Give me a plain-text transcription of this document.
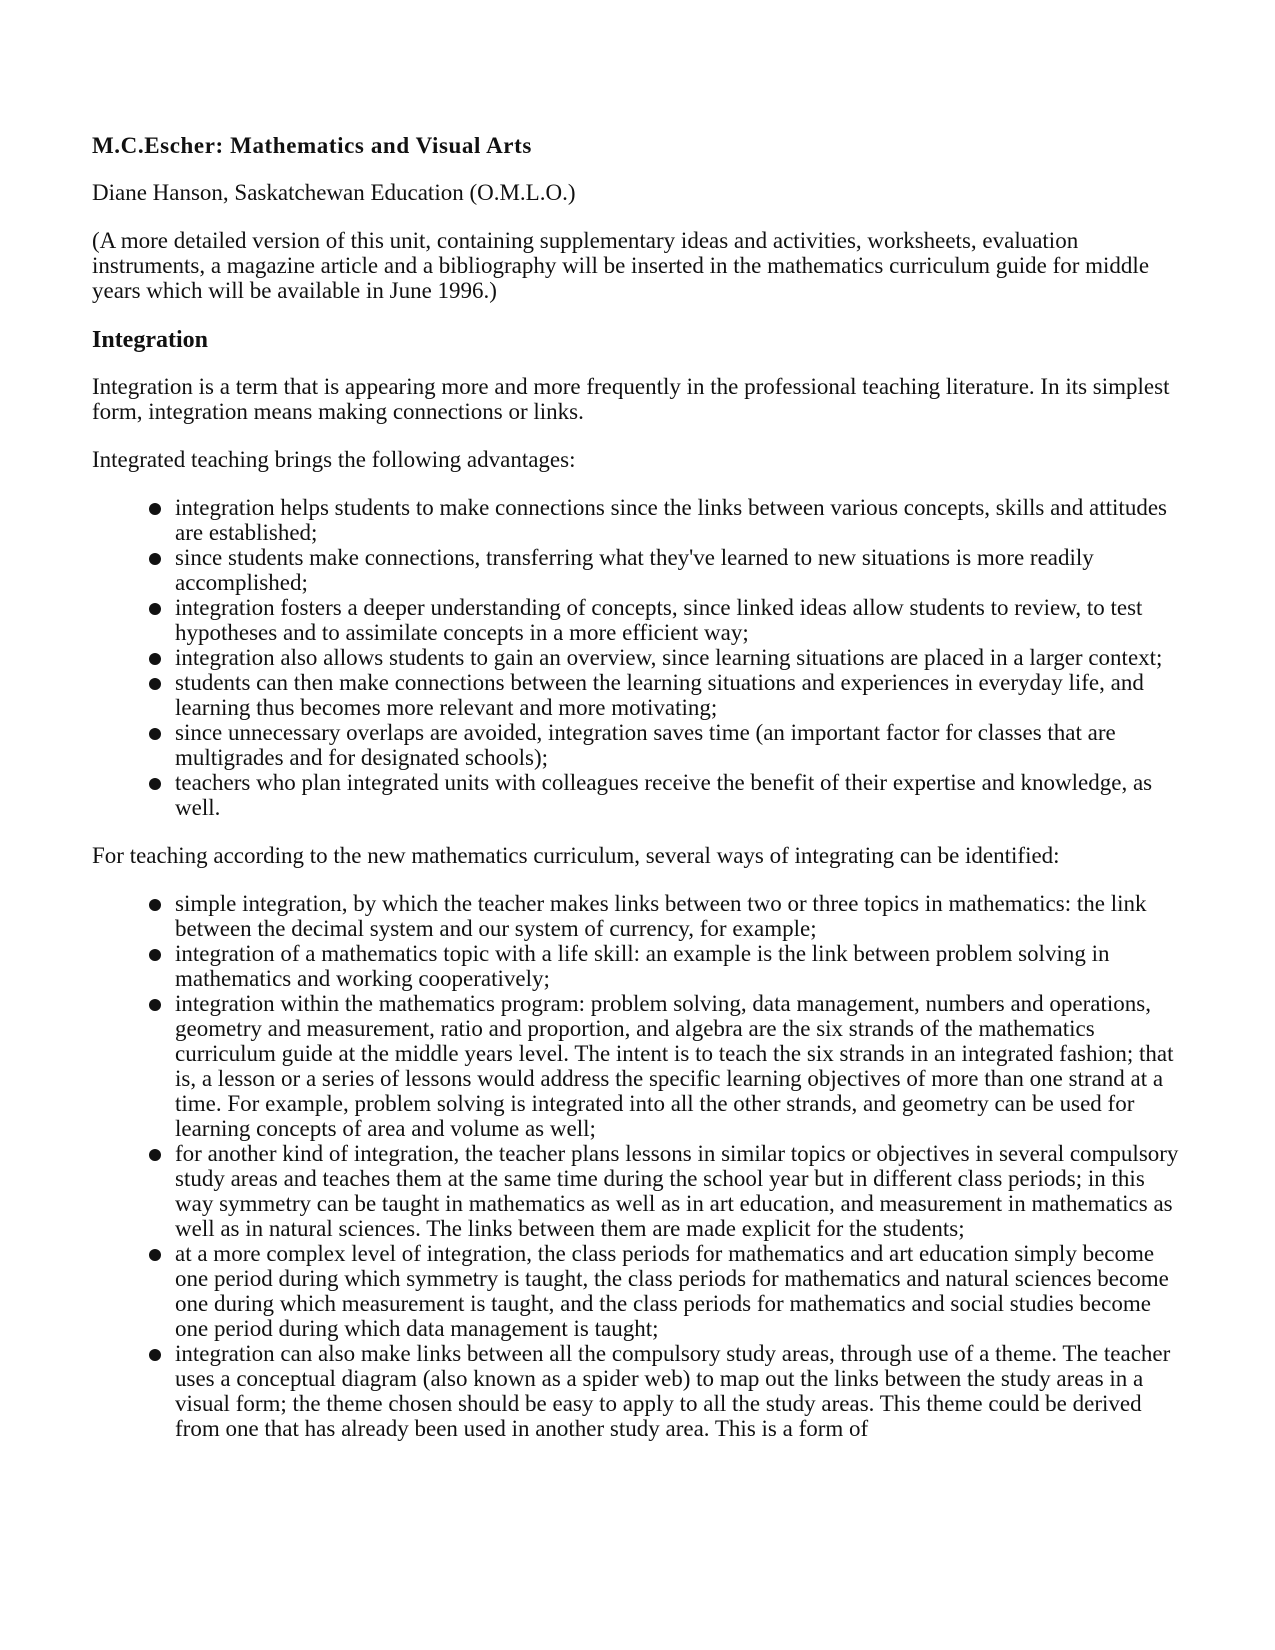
M.C.Escher: Mathematics and Visual Arts
Diane Hanson, Saskatchewan Education (O.M.L.O.)
(A more detailed version of this unit, containing supplementary ideas and activities, worksheets, evaluation instruments, a magazine article and a bibliography will be inserted in the mathematics curriculum guide for middle years which will be available in June 1996.)
Integration
Integration is a term that is appearing more and more frequently in the professional teaching literature. In its simplest form, integration means making connections or links.
Integrated teaching brings the following advantages:
integration helps students to make connections since the links between various concepts, skills and attitudes are established;
since students make connections, transferring what they've learned to new situations is more readily accomplished;
integration fosters a deeper understanding of concepts, since linked ideas allow students to review, to test hypotheses and to assimilate concepts in a more efficient way;
integration also allows students to gain an overview, since learning situations are placed in a larger context;
students can then make connections between the learning situations and experiences in everyday life, and learning thus becomes more relevant and more motivating;
since unnecessary overlaps are avoided, integration saves time (an important factor for classes that are multigrades and for designated schools);
teachers who plan integrated units with colleagues receive the benefit of their expertise and knowledge, as well.
For teaching according to the new mathematics curriculum, several ways of integrating can be identified:
simple integration, by which the teacher makes links between two or three topics in mathematics: the link between the decimal system and our system of currency, for example;
integration of a mathematics topic with a life skill: an example is the link between problem solving in mathematics and working cooperatively;
integration within the mathematics program: problem solving, data management, numbers and operations, geometry and measurement, ratio and proportion, and algebra are the six strands of the mathematics curriculum guide at the middle years level. The intent is to teach the six strands in an integrated fashion; that is, a lesson or a series of lessons would address the specific learning objectives of more than one strand at a time. For example, problem solving is integrated into all the other strands, and geometry can be used for learning concepts of area and volume as well;
for another kind of integration, the teacher plans lessons in similar topics or objectives in several compulsory study areas and teaches them at the same time during the school year but in different class periods; in this way symmetry can be taught in mathematics as well as in art education, and measurement in mathematics as well as in natural sciences. The links between them are made explicit for the students;
at a more complex level of integration, the class periods for mathematics and art education simply become one period during which symmetry is taught, the class periods for mathematics and natural sciences become one during which measurement is taught, and the class periods for mathematics and social studies become one period during which data management is taught;
integration can also make links between all the compulsory study areas, through use of a theme. The teacher uses a conceptual diagram (also known as a spider web) to map out the links between the study areas in a visual form; the theme chosen should be easy to apply to all the study areas. This theme could be derived from one that has already been used in another study area. This is a form of
